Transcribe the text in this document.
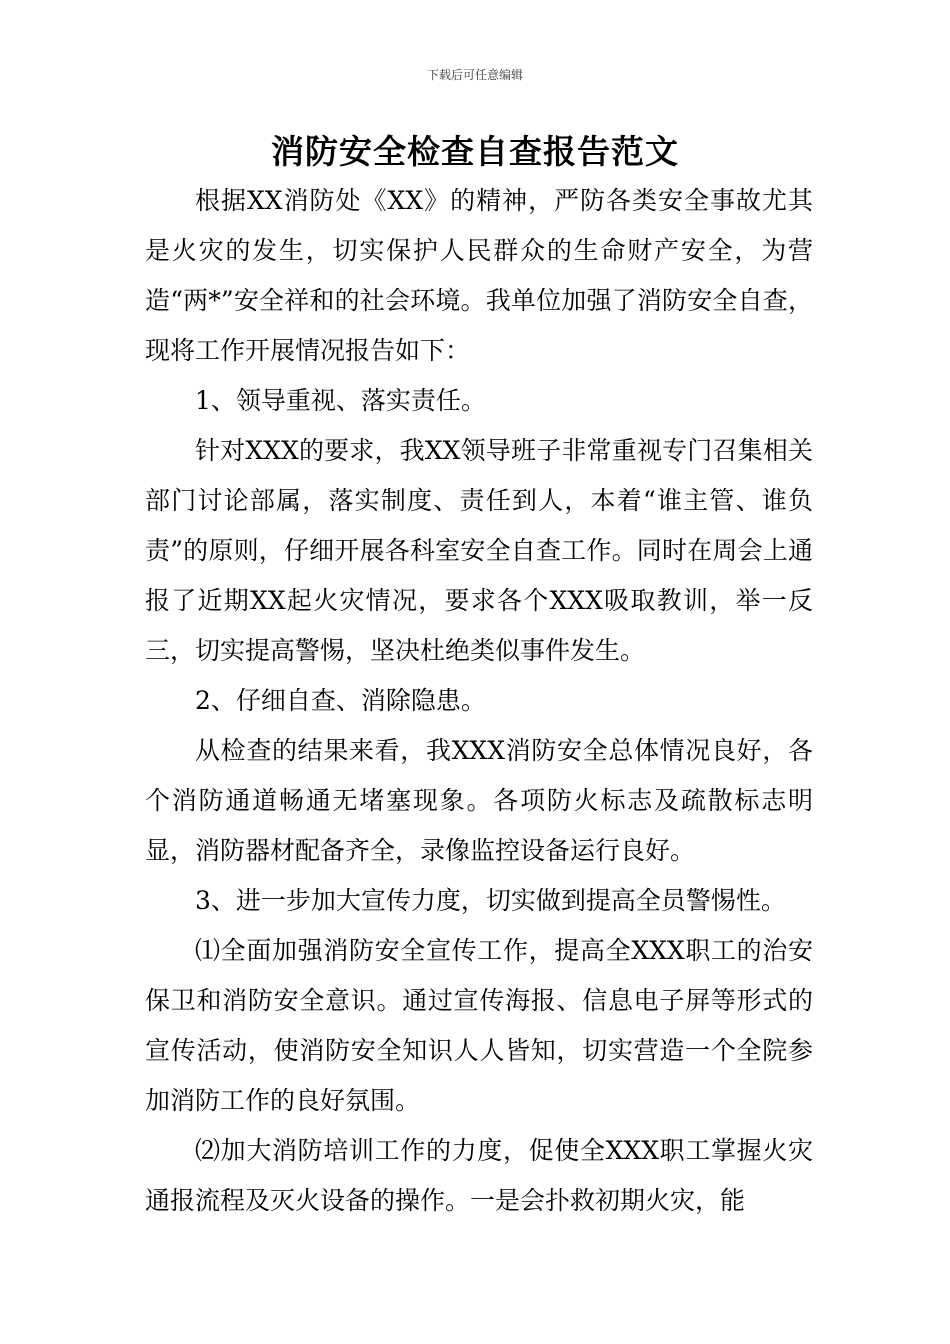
下载后可任意编辑
消防安全检查自查报告范文

根据XX消防处《XX》的精神，严防各类安全事故尤其是火灾的发生，切实保护人民群众的生命财产安全，为营造“两*”安全祥和的社会环境。我单位加强了消防安全自查，现将工作开展情况报告如下：

1、领导重视、落实责任。

针对XXX的要求，我XX领导班子非常重视专门召集相关部门讨论部属，落实制度、责任到人，本着“谁主管、谁负责”的原则，仔细开展各科室安全自查工作。同时在周会上通报了近期XX起火灾情况，要求各个XXX吸取教训，举一反三，切实提高警惕，坚决杜绝类似事件发生。

2、仔细自查、消除隐患。

从检查的结果来看，我XXX消防安全总体情况良好，各个消防通道畅通无堵塞现象。各项防火标志及疏散标志明显，消防器材配备齐全，录像监控设备运行良好。

3、进一步加大宣传力度，切实做到提高全员警惕性。

⑴全面加强消防安全宣传工作，提高全XXX职工的治安保卫和消防安全意识。通过宣传海报、信息电子屏等形式的宣传活动，使消防安全知识人人皆知，切实营造一个全院参加消防工作的良好氛围。

⑵加大消防培训工作的力度，促使全XXX职工掌握火灾通报流程及灭火设备的操作。一是会扑救初期火灾，能
